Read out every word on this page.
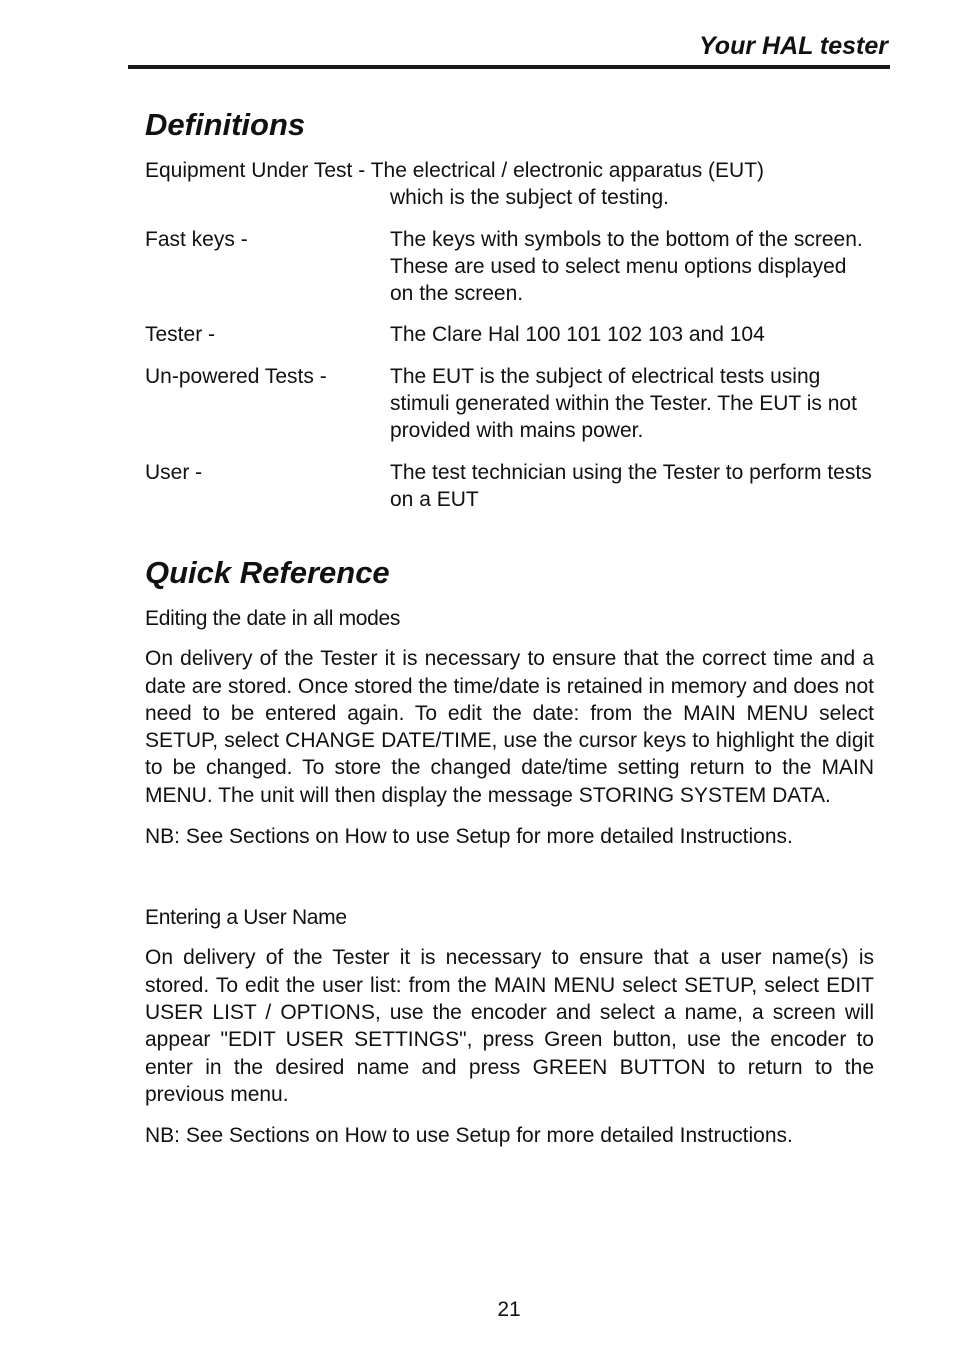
Your HAL tester
Definitions
Equipment Under Test - The electrical / electronic apparatus (EUT)
which is the subject of testing.
Fast keys -	The keys with symbols to the bottom of the screen. These are used to select menu options displayed on the screen.
Tester -	The Clare Hal 100 101 102 103 and 104
Un-powered Tests -	The EUT is the subject of electrical tests using stimuli generated within the Tester. The EUT is not provided with mains power.
User -	The test technician using the Tester to perform tests on a EUT
Quick Reference
Editing the date in all modes

On delivery of the Tester it is necessary to ensure that the correct time and a date are stored. Once stored the time/date is retained in memory and does not need to be entered again. To edit the date: from the MAIN MENU select SETUP, select CHANGE DATE/TIME, use the cursor keys to highlight the digit to be changed. To store the changed date/time setting return to the MAIN MENU. The unit will then display the message STORING SYSTEM DATA.

NB: See Sections on How to use Setup for more detailed Instructions.

Entering a User Name

On delivery of the Tester it is necessary to ensure that a user name(s) is stored. To edit the user list: from the MAIN MENU select SETUP, select EDIT USER LIST / OPTIONS, use the encoder and select a name, a screen will appear "EDIT USER SETTINGS", press Green button, use the encoder to enter in the desired name and press GREEN BUTTON to return to the previous menu.

NB: See Sections on How to use Setup for more detailed Instructions.

21
